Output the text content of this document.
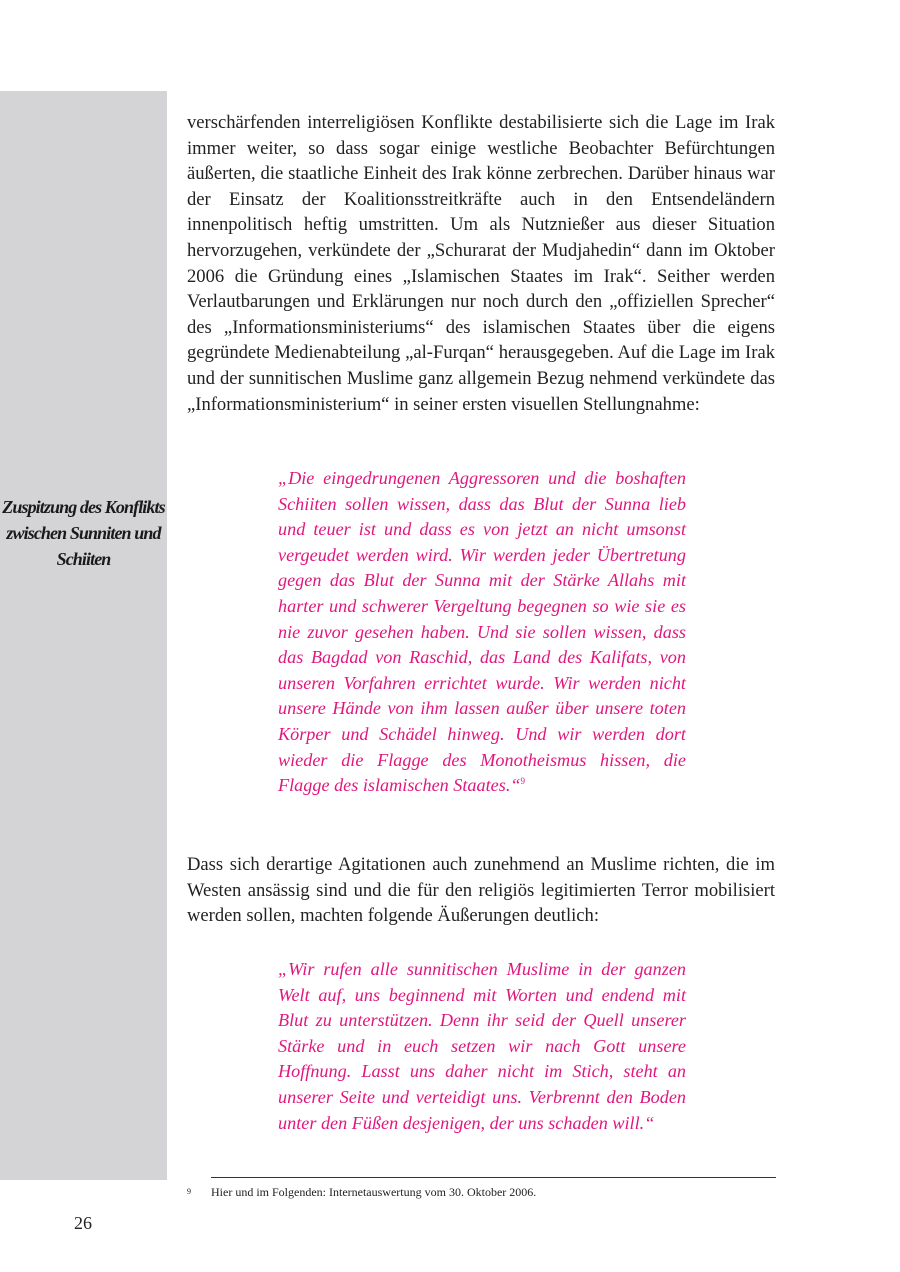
Zuspitzung des Konflikts zwischen Sunniten und Schiiten
verschärfenden interreligiösen Konflikte destabilisierte sich die Lage im Irak immer weiter, so dass sogar einige westliche Beobachter Befürchtungen äußerten, die staatliche Einheit des Irak könne zerbrechen. Darüber hinaus war der Einsatz der Koalitionsstreitkräfte auch in den Entsendeländern innenpolitisch heftig umstritten. Um als Nutznießer aus dieser Situation hervorzugehen, verkündete der „Schurarat der Mudjahedin“ dann im Oktober 2006 die Gründung eines „Islamischen Staates im Irak“. Seither werden Verlautbarungen und Erklärungen nur noch durch den „offiziellen Sprecher“ des „Informationsministeriums“ des islamischen Staates über die eigens gegründete Medienabteilung „al-Furqan“ herausgegeben. Auf die Lage im Irak und der sunnitischen Muslime ganz allgemein Bezug nehmend verkündete das „Informationsministerium“ in seiner ersten visuellen Stellungnahme:
„Die eingedrungenen Aggressoren und die boshaften Schiiten sollen wissen, dass das Blut der Sunna lieb und teuer ist und dass es von jetzt an nicht umsonst vergeudet werden wird. Wir werden jeder Übertretung gegen das Blut der Sunna mit der Stärke Allahs mit harter und schwerer Vergeltung begegnen so wie sie es nie zuvor gesehen haben. Und sie sollen wissen, dass das Bagdad von Raschid, das Land des Kalifats, von unseren Vorfahren errichtet wurde. Wir werden nicht unsere Hände von ihm lassen außer über unsere toten Körper und Schädel hinweg. Und wir werden dort wieder die Flagge des Monotheismus hissen, die Flagge des islamischen Staates.“$^9$
Dass sich derartige Agitationen auch zunehmend an Muslime richten, die im Westen ansässig sind und die für den religiös legitimierten Terror mobilisiert werden sollen, machten folgende Äußerungen deutlich:
„Wir rufen alle sunnitischen Muslime in der ganzen Welt auf, uns beginnend mit Worten und endend mit Blut zu unterstützen. Denn ihr seid der Quell unserer Stärke und in euch setzen wir nach Gott unsere Hoffnung. Lasst uns daher nicht im Stich, steht an unserer Seite und verteidigt uns. Verbrennt den Boden unter den Füßen desjenigen, der uns schaden will.“
9 Hier und im Folgenden: Internetauswertung vom 30. Oktober 2006.
26
